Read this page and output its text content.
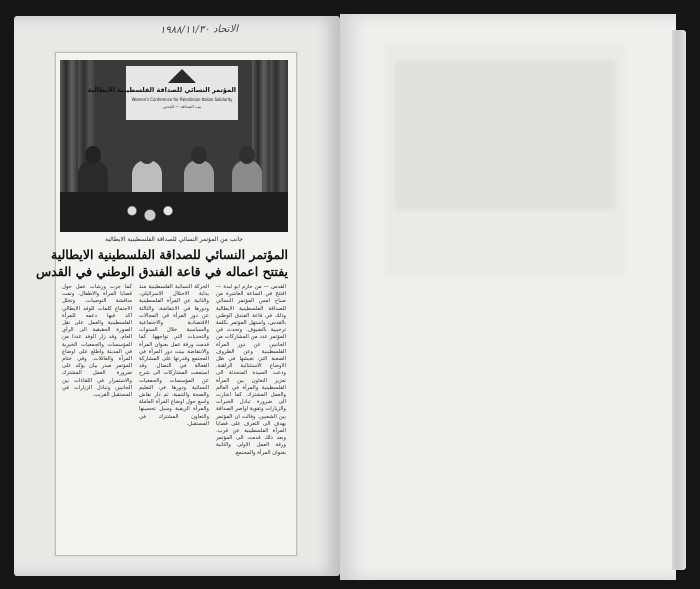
الاتحاد ١٩٨٨/١١/٣٠
المؤتمر النسائي للصداقة الفلسطينية الايطالية
Women's Conference for Palestinian-Italian Solidarity
بيت الصداقة — القدس
جانب من المؤتمر النسائي للصداقة الفلسطينية الايطالية
المؤتمر النسائي للصداقة الفلسطينية الايطالية
يفتتح اعماله في قاعة الفندق الوطني في القدس

القدس — من حازم ابو لبدة — افتتح في الساعة العاشرة من صباح امس المؤتمر النسائي للصداقة الفلسطينية الايطالية وذلك في قاعة الفندق الوطني بالقدس، واستهل المؤتمر بكلمة ترحيبية بالضيوف. وتحدث في المؤتمر عدد من المشاركات من الجانبين عن دور المرأة الفلسطينية وعن الظروف الصعبة التي تعيشها في ظل الاوضاع الاستثنائية الراهنة. ودعت السيدة المتحدثة الى تعزيز التعاون بين المرأة الفلسطينية والمرأة في العالم والعمل المشترك. كما اشارت الى ضرورة تبادل الخبرات والزيارات وتقوية اواصر الصداقة بين الشعبين. وقالت ان المؤتمر يهدف الى التعرف على قضايا المرأة الفلسطينية عن قرب. وبعد ذلك قدمت الى المؤتمر ورقة العمل الاولى والثانية بعنوان المرأة والمجتمع.

الحركة النسائية الفلسطينية منذ بداية الاحتلال الاسرائيلي، والثانية عن المرأة الفلسطينية ودورها في الانتفاضة، والثالثة عن دور المرأة في المجالات الاقتصادية والاجتماعية والسياسية خلال السنوات والتحديات التي تواجهها. كما قدمت ورقة عمل بعنوان المرأة والانتفاضة بينت دور المرأة في المجتمع وقدرتها على المشاركة الفعالة في النضال. وقد استمعت المشاركات الى شرح عن المؤسسات والجمعيات النسائية ودورها في التعليم والصحة والتنمية. ثم دار نقاش واسع حول اوضاع المرأة العاملة والمرأة الريفية وسبل تحسينها والتعاون المشترك في المستقبل.

كما جرت ورشات عمل حول قضايا المرأة والاطفال، وتمت مناقشة التوصيات. وتخلل الاجتماع كلمات للوفد الايطالي اكد فيها دعمه للمرأة الفلسطينية والعمل على نقل الصورة الحقيقية الى الرأي العام. وقد زار الوفد عددا من المؤسسات والجمعيات الخيرية في المدينة واطلع على اوضاع المرأة والعائلات. وفي ختام المؤتمر صدر بيان يؤكد على ضرورة العمل المشترك والاستمرار في اللقاءات بين الجانبين وتبادل الزيارات في المستقبل القريب.
